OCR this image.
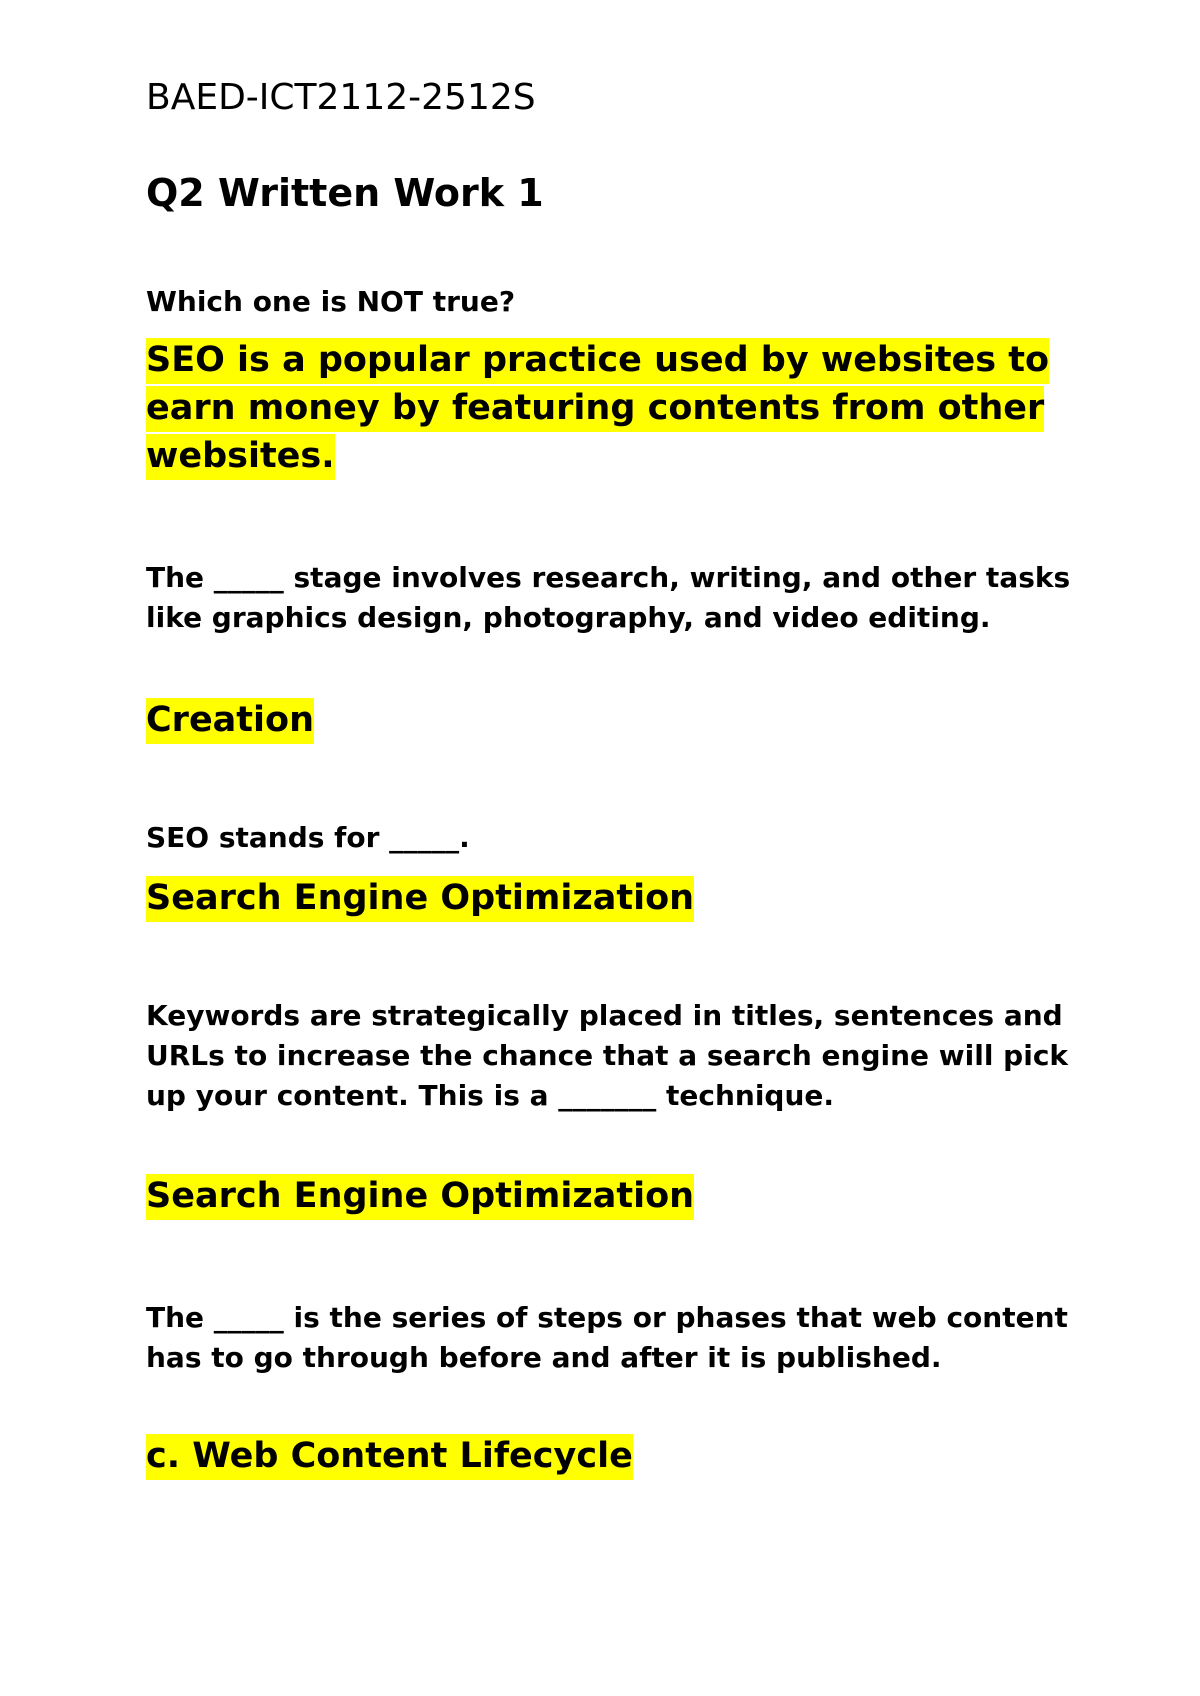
BAED-ICT2112-2512S
Q2 Written Work 1
Which one is NOT true?
SEO is a popular practice used by websites to earn money by featuring contents from other websites.
The _____ stage involves research, writing, and other tasks like graphics design, photography, and video editing.
Creation
SEO stands for _____.
Search Engine Optimization
Keywords are strategically placed in titles, sentences and URLs to increase the chance that a search engine will pick up your content. This is a _______ technique.
Search Engine Optimization
The _____ is the series of steps or phases that web content has to go through before and after it is published.
c. Web Content Lifecycle
